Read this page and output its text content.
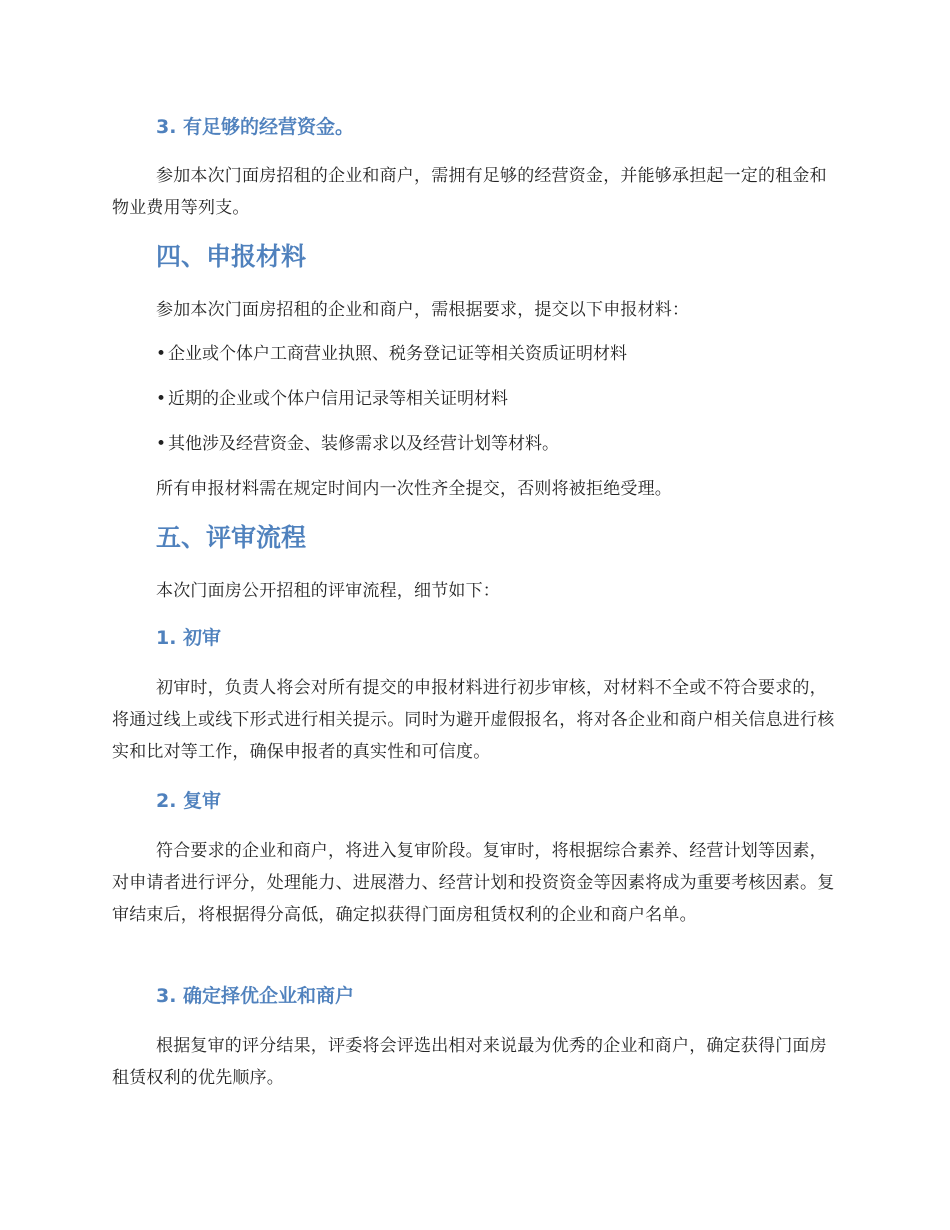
3. 有足够的经营资金。

参加本次门面房招租的企业和商户，需拥有足够的经营资金，并能够承担起一定的租金和物业费用等列支。

四、申报材料

参加本次门面房招租的企业和商户，需根据要求，提交以下申报材料：

• 企业或个体户工商营业执照、税务登记证等相关资质证明材料
• 近期的企业或个体户信用记录等相关证明材料
• 其他涉及经营资金、装修需求以及经营计划等材料。

所有申报材料需在规定时间内一次性齐全提交，否则将被拒绝受理。

五、评审流程

本次门面房公开招租的评审流程，细节如下：

1. 初审

初审时，负责人将会对所有提交的申报材料进行初步审核，对材料不全或不符合要求的，将通过线上或线下形式进行相关提示。同时为避开虚假报名，将对各企业和商户相关信息进行核实和比对等工作，确保申报者的真实性和可信度。

2. 复审

符合要求的企业和商户，将进入复审阶段。复审时，将根据综合素养、经营计划等因素，对申请者进行评分，处理能力、进展潜力、经营计划和投资资金等因素将成为重要考核因素。复审结束后，将根据得分高低，确定拟获得门面房租赁权利的企业和商户名单。

3. 确定择优企业和商户

根据复审的评分结果，评委将会评选出相对来说最为优秀的企业和商户，确定获得门面房租赁权利的优先顺序。
